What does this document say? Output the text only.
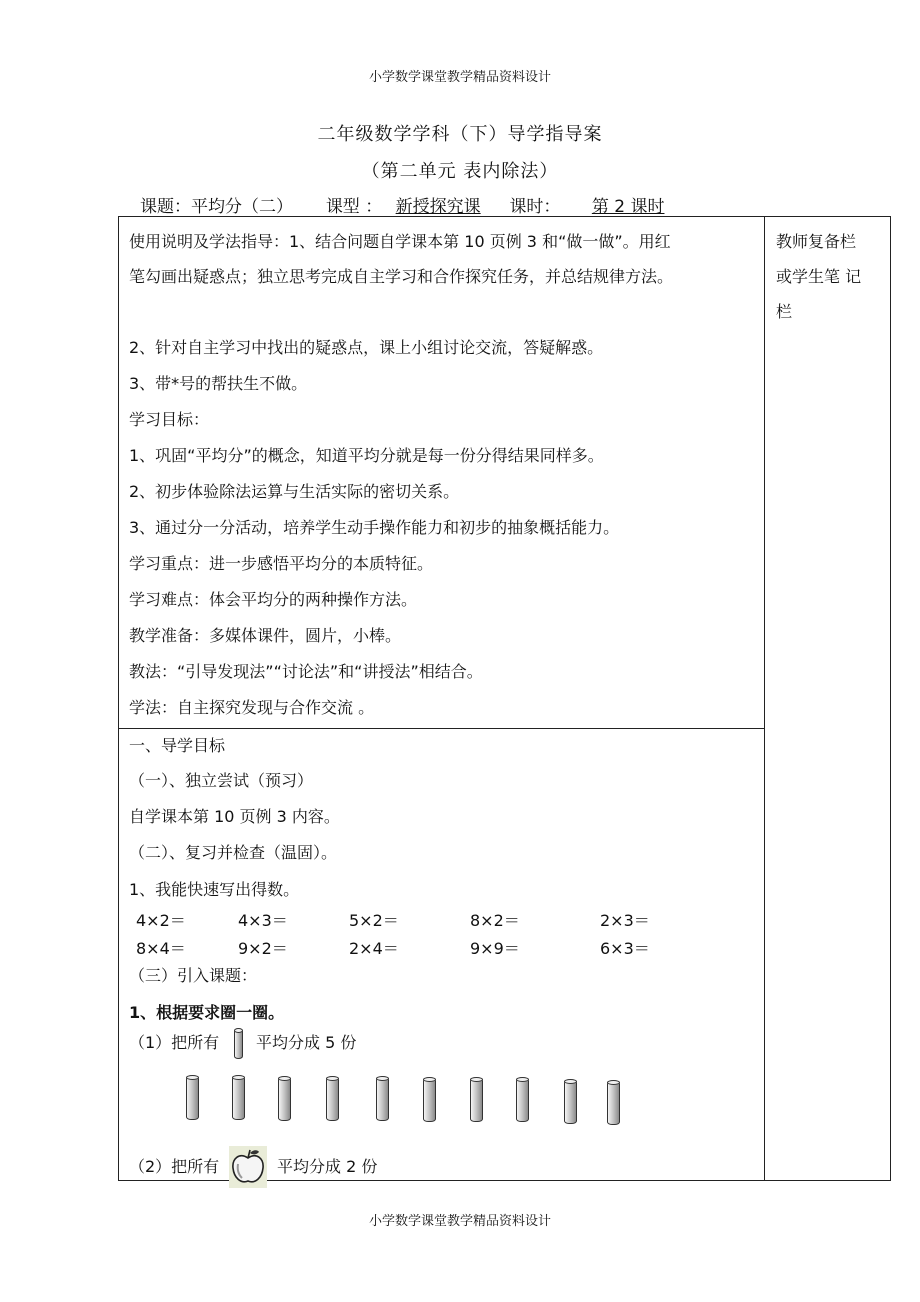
小学数学课堂教学精品资料设计
二年级数学学科（下）导学指导案
（第二单元 表内除法）
课题：平均分（二） 课型 ： 新授探究课 课时： 第 2 课时
教师复备栏
或学生笔 记
栏
使用说明及学法指导：1、结合问题自学课本第 10 页例 3 和“做一做”。用红
笔勾画出疑惑点；独立思考完成自主学习和合作探究任务，并总结规律方法。
2、针对自主学习中找出的疑惑点，课上小组讨论交流，答疑解惑。
3、带*号的帮扶生不做。
学习目标：
1、巩固“平均分”的概念，知道平均分就是每一份分得结果同样多。
2、初步体验除法运算与生活实际的密切关系。
3、通过分一分活动，培养学生动手操作能力和初步的抽象概括能力。
学习重点：进一步感悟平均分的本质特征。
学习难点：体会平均分的两种操作方法。
教学准备：多媒体课件，圆片，小棒。
教法：“引导发现法”“讨论法”和“讲授法”相结合。
学法：自主探究发现与合作交流 。
一、导学目标
（一）、独立尝试（预习）
自学课本第 10 页例 3 内容。
（二）、复习并检查（温固）。
1、我能快速写出得数。
4×2＝	4×3＝	5×2＝	8×2＝	2×3＝
8×4＝	9×2＝	2×4＝	9×9＝	6×3＝
（三）引入课题：
1、根据要求圈一圈。
（1）把所有 平均分成 5 份
（2）把所有	平均分成 2 份
小学数学课堂教学精品资料设计
